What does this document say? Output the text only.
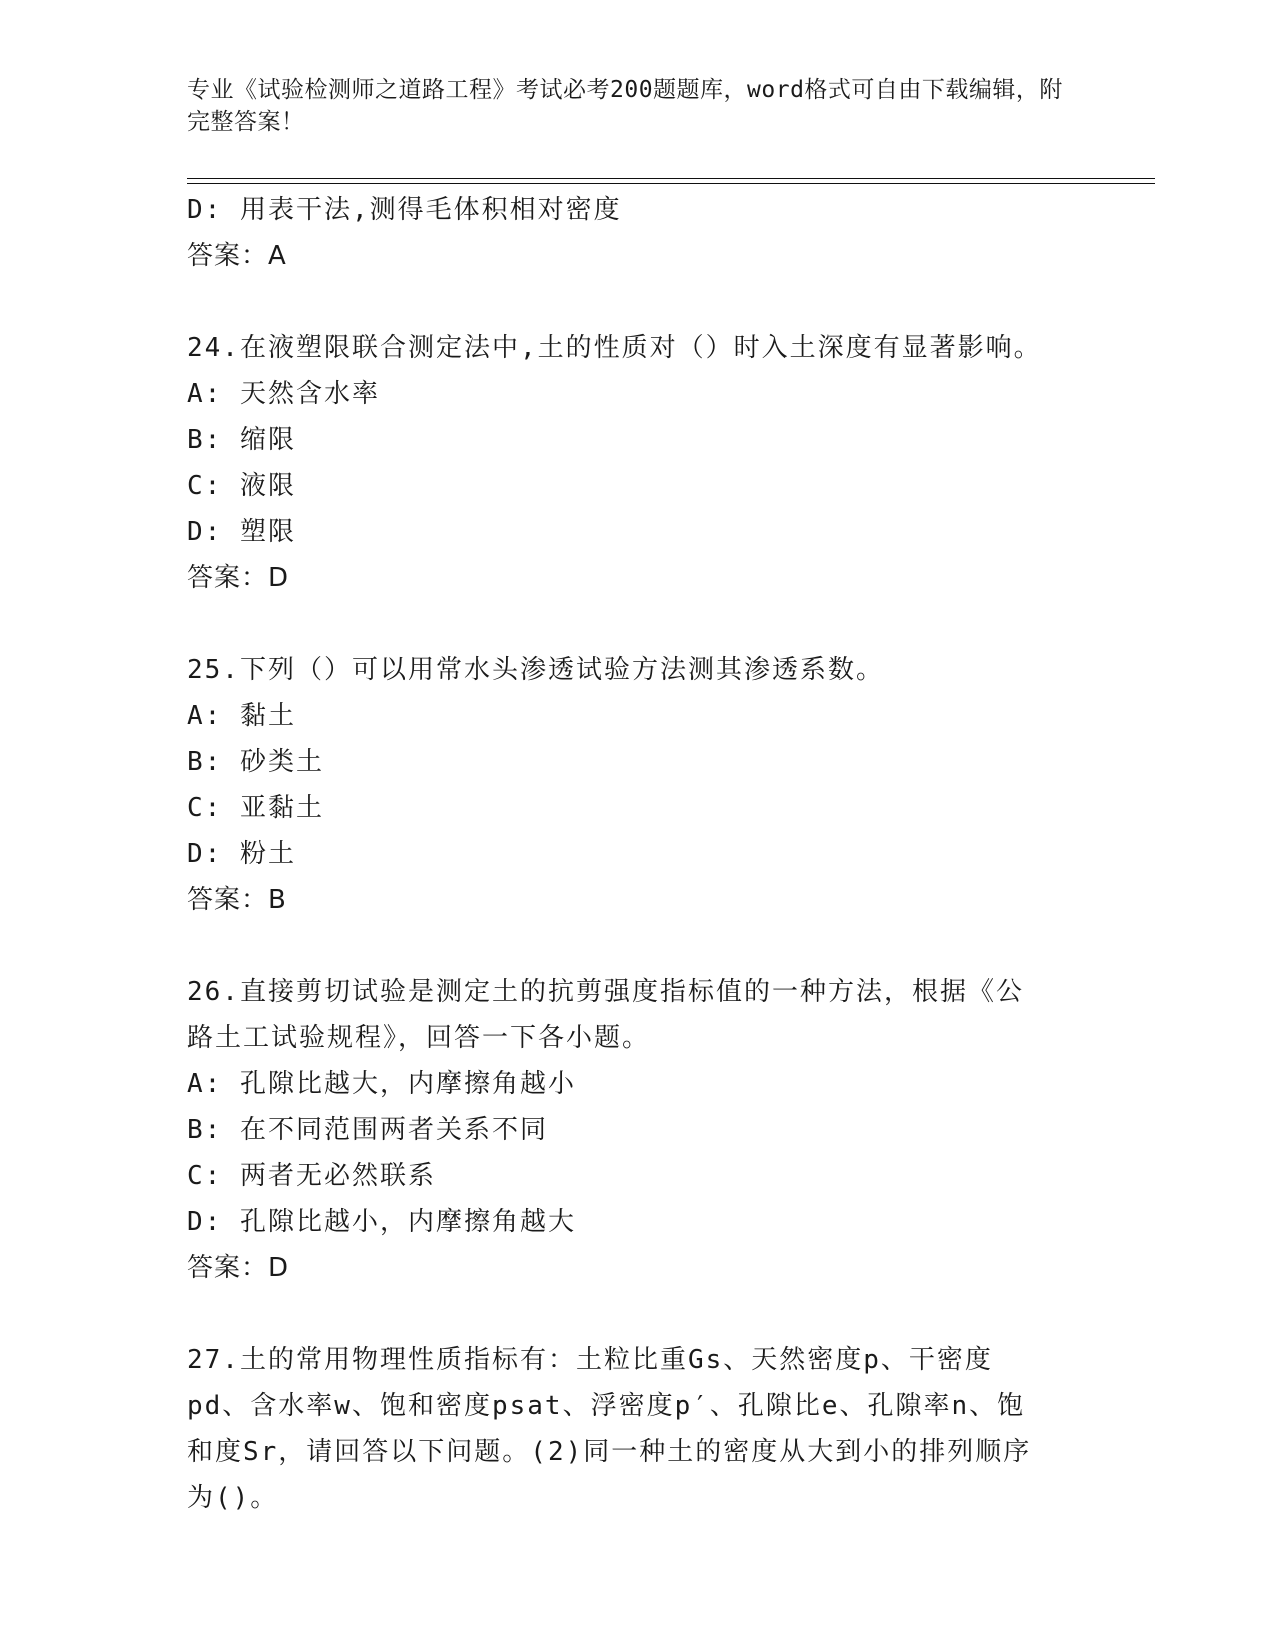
专业《试验检测师之道路工程》考试必考200题题库，word格式可自由下载编辑，附完整答案！
D: 用表干法,测得毛体积相对密度
答案：A
24.在液塑限联合测定法中,土的性质对（）时入土深度有显著影响。
A: 天然含水率
B: 缩限
C: 液限
D: 塑限
答案：D
25.下列（）可以用常水头渗透试验方法测其渗透系数。
A: 黏土
B: 砂类土
C: 亚黏土
D: 粉土
答案：B
26.直接剪切试验是测定土的抗剪强度指标值的一种方法，根据《公路土工试验规程》，回答一下各小题。
A: 孔隙比越大，内摩擦角越小
B: 在不同范围两者关系不同
C: 两者无必然联系
D: 孔隙比越小，内摩擦角越大
答案：D
27.土的常用物理性质指标有：土粒比重Gs、天然密度p、干密度pd、含水率w、饱和密度psat、浮密度p′、孔隙比e、孔隙率n、饱和度Sr，请回答以下问题。(2)同一种土的密度从大到小的排列顺序为()。
